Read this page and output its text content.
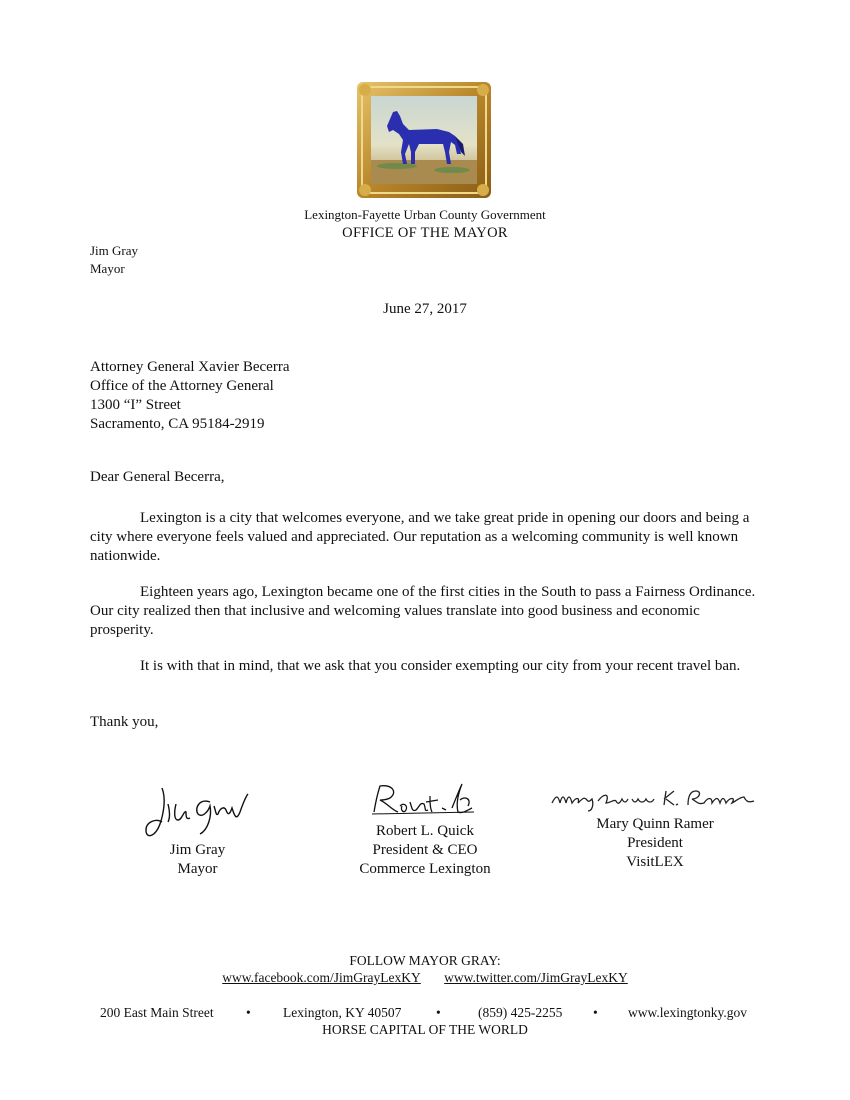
Lexington-Fayette Urban County Government
OFFICE OF THE MAYOR
Jim Gray
Mayor
June 27, 2017
Attorney General Xavier Becerra
Office of the Attorney General
1300 “I” Street
Sacramento, CA 95184-2919
Dear General Becerra,
Lexington is a city that welcomes everyone, and we take great pride in opening our doors and being a city where everyone feels valued and appreciated. Our reputation as a welcoming community is well known nationwide.
Eighteen years ago, Lexington became one of the first cities in the South to pass a Fairness Ordinance. Our city realized then that inclusive and welcoming values translate into good business and economic prosperity.
It is with that in mind, that we ask that you consider exempting our city from your recent travel ban.
Thank you,
Jim Gray
Mayor
Robert L. Quick
President & CEO
Commerce Lexington
Mary Quinn Ramer
President
VisitLEX
FOLLOW MAYOR GRAY:
www.facebook.com/JimGrayLexKY www.twitter.com/JimGrayLexKY
200 East Main Street • Lexington, KY 40507	•	(859) 425-2255 • www.lexingtonky.gov
HORSE CAPITAL OF THE WORLD
